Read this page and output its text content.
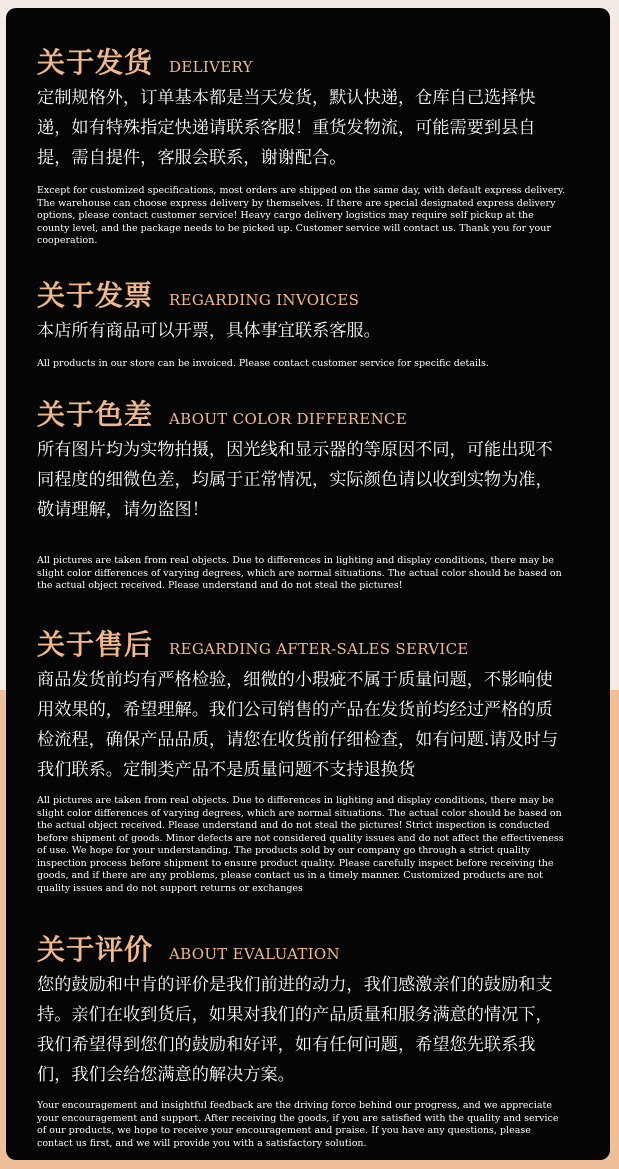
关于发货 DELIVERY
定制规格外，订单基本都是当天发货，默认快递，仓库自己选择快递，如有特殊指定快递请联系客服！重货发物流，可能需要到县自提，需自提件，客服会联系，谢谢配合。
Except for customized specifications, most orders are shipped on the same day, with default express delivery. The warehouse can choose express delivery by themselves. If there are special designated express delivery options, please contact customer service! Heavy cargo delivery logistics may require self pickup at the county level, and the package needs to be picked up. Customer service will contact us. Thank you for your cooperation.
关于发票 REGARDING INVOICES
本店所有商品可以开票，具体事宜联系客服。
All products in our store can be invoiced. Please contact customer service for specific details.
关于色差 ABOUT COLOR DIFFERENCE
所有图片均为实物拍摄，因光线和显示器的等原因不同，可能出现不同程度的细微色差，均属于正常情况，实际颜色请以收到实物为准，敬请理解，请勿盗图！
All pictures are taken from real objects. Due to differences in lighting and display conditions, there may be slight color differences of varying degrees, which are normal situations. The actual color should be based on the actual object received. Please understand and do not steal the pictures!
关于售后 REGARDING AFTER-SALES SERVICE
商品发货前均有严格检验，细微的小瑕疵不属于质量问题，不影响使用效果的，希望理解。我们公司销售的产品在发货前均经过严格的质检流程，确保产品品质，请您在收货前仔细检查，如有问题.请及时与我们联系。定制类产品不是质量问题不支持退换货
All pictures are taken from real objects. Due to differences in lighting and display conditions, there may be slight color differences of varying degrees, which are normal situations. The actual color should be based on the actual object received. Please understand and do not steal the pictures! Strict inspection is conducted before shipment of goods. Minor defects are not considered quality issues and do not affect the effectiveness of use. We hope for your understanding. The products sold by our company go through a strict quality inspection process before shipment to ensure product quality. Please carefully inspect before receiving the goods, and if there are any problems, please contact us in a timely manner. Customized products are not quality issues and do not support returns or exchanges
关于评价 ABOUT EVALUATION
您的鼓励和中肯的评价是我们前进的动力，我们感激亲们的鼓励和支持。亲们在收到货后，如果对我们的产品质量和服务满意的情况下，我们希望得到您们的鼓励和好评，如有任何问题，希望您先联系我们，我们会给您满意的解决方案。
Your encouragement and insightful feedback are the driving force behind our progress, and we appreciate your encouragement and support. After receiving the goods, if you are satisfied with the quality and service of our products, we hope to receive your encouragement and praise. If you have any questions, please contact us first, and we will provide you with a satisfactory solution.
